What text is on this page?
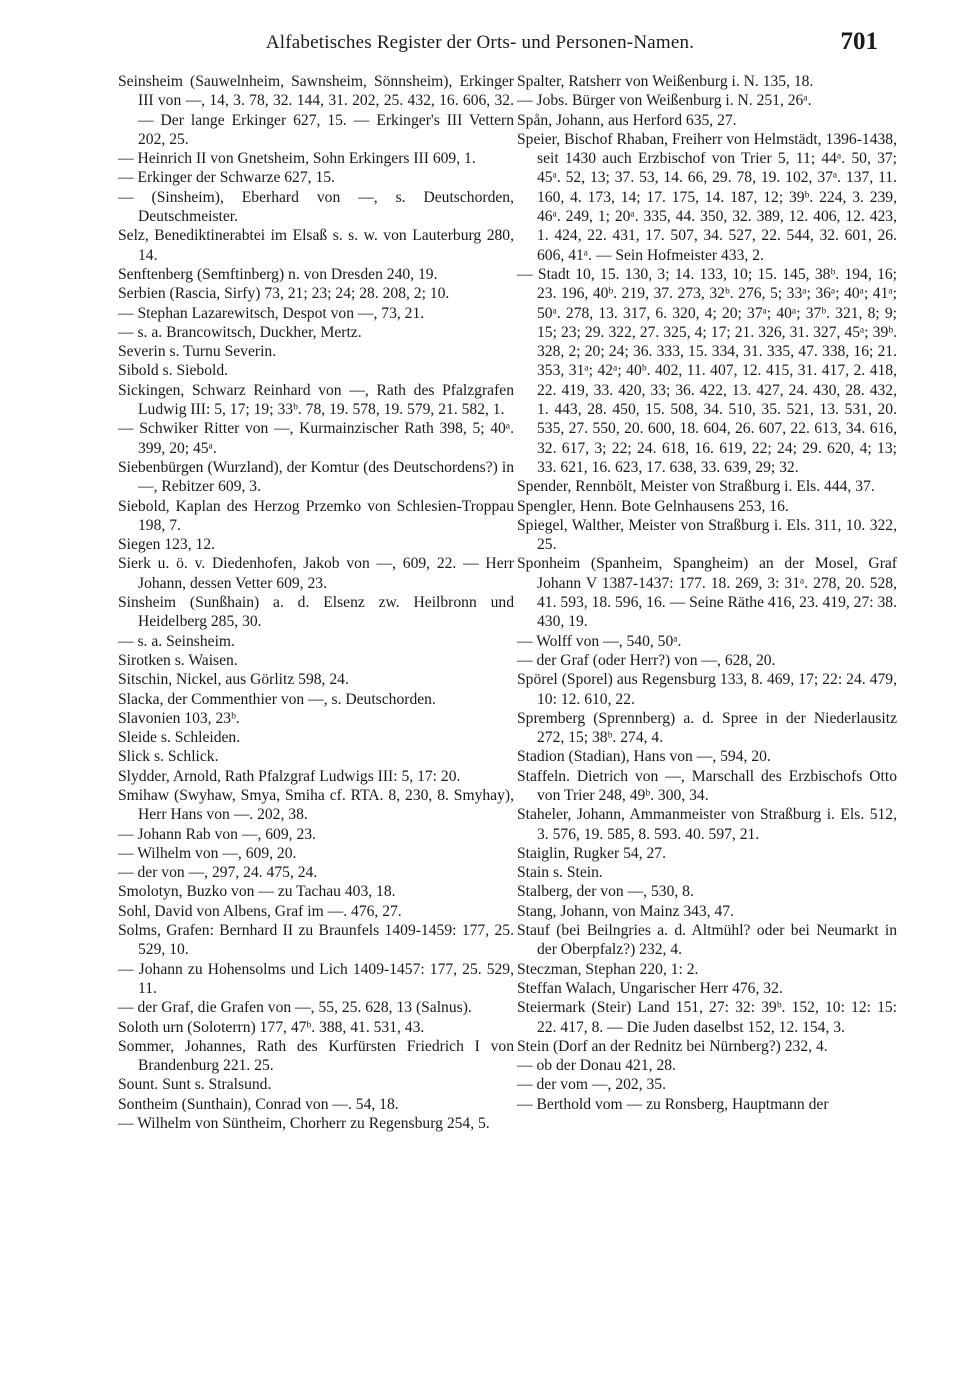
Alfabetisches Register der Orts- und Personen-Namen.	701

Seinsheim (Sauwelnheim, Sawnsheim, Sönnsheim), Erkinger III von —, 14, 3. 78, 32. 144, 31. 202, 25. 432, 16. 606, 32. — Der lange Erkinger 627, 15. — Erkinger's III Vettern 202, 25.

— Heinrich II von Gnetsheim, Sohn Erkingers III 609, 1.

— Erkinger der Schwarze 627, 15.

— (Sinsheim), Eberhard von —, s. Deutschorden, Deutschmeister.

Selz, Benediktinerabtei im Elsaß s. s. w. von Lauterburg 280, 14.

Senftenberg (Semftinberg) n. von Dresden 240, 19.

Serbien (Rascia, Sirfy) 73, 21; 23; 24; 28. 208, 2; 10.

— Stephan Lazarewitsch, Despot von —, 73, 21.

— s. a. Brancowitsch, Duckher, Mertz.

Severin s. Turnu Severin.

Sibold s. Siebold.

Sickingen, Schwarz Reinhard von —, Rath des Pfalzgrafen Ludwig III: 5, 17; 19; 33ᵇ. 78, 19. 578, 19. 579, 21. 582, 1.

— Schwiker Ritter von —, Kurmainzischer Rath 398, 5; 40ᵃ. 399, 20; 45ᵃ.

Siebenbürgen (Wurzland), der Komtur (des Deutschordens?) in —, Rebitzer 609, 3.

Siebold, Kaplan des Herzog Przemko von Schlesien-Troppau 198, 7.

Siegen 123, 12.

Sierk u. ö. v. Diedenhofen, Jakob von —, 609, 22. — Herr Johann, dessen Vetter 609, 23.

Sinsheim (Sunßhain) a. d. Elsenz zw. Heilbronn und Heidelberg 285, 30.

— s. a. Seinsheim.

Sirotken s. Waisen.

Sitschin, Nickel, aus Görlitz 598, 24.

Slacka, der Commenthier von —, s. Deutschorden.

Slavonien 103, 23ᵇ.

Sleide s. Schleiden.

Slick s. Schlick.

Slydder, Arnold, Rath Pfalzgraf Ludwigs III: 5, 17: 20.

Smihaw (Swyhaw, Smya, Smiha cf. RTA. 8, 230, 8. Smyhay), Herr Hans von —. 202, 38.

— Johann Rab von —, 609, 23.

— Wilhelm von —, 609, 20.

— der von —, 297, 24. 475, 24.

Smolotyn, Buzko von — zu Tachau 403, 18.

Sohl, David von Albens, Graf im —. 476, 27.

Solms, Grafen: Bernhard II zu Braunfels 1409-1459: 177, 25. 529, 10.

— Johann zu Hohensolms und Lich 1409-1457: 177, 25. 529, 11.

— der Graf, die Grafen von —, 55, 25. 628, 13 (Salnus).

Soloth urn (Soloterrn) 177, 47ᵇ. 388, 41. 531, 43.

Sommer, Johannes, Rath des Kurfürsten Friedrich I von Brandenburg 221. 25.

Sount. Sunt s. Stralsund.

Sontheim (Sunthain), Conrad von —. 54, 18.

— Wilhelm von Süntheim, Chorherr zu Regensburg 254, 5.

Spalter, Ratsherr von Weißenburg i. N. 135, 18.

— Jobs. Bürger von Weißenburg i. N. 251, 26ᵃ.

Spån, Johann, aus Herford 635, 27.

Speier, Bischof Rhaban, Freiherr von Helmstädt, 1396-1438, seit 1430 auch Erzbischof von Trier 5, 11; 44ᵃ. 50, 37; 45ᵃ. 52, 13; 37. 53, 14. 66, 29. 78, 19. 102, 37ᵃ. 137, 11. 160, 4. 173, 14; 17. 175, 14. 187, 12; 39ᵇ. 224, 3. 239, 46ᵃ. 249, 1; 20ᵃ. 335, 44. 350, 32. 389, 12. 406, 12. 423, 1. 424, 22. 431, 17. 507, 34. 527, 22. 544, 32. 601, 26. 606, 41ᵃ. — Sein Hofmeister 433, 2.

— Stadt 10, 15. 130, 3; 14. 133, 10; 15. 145, 38ᵇ. 194, 16; 23. 196, 40ᵇ. 219, 37. 273, 32ᵇ. 276, 5; 33ᵃ; 36ᵃ; 40ᵃ; 41ᵃ; 50ᵃ. 278, 13. 317, 6. 320, 4; 20; 37ᵃ; 40ᵃ; 37ᵇ. 321, 8; 9; 15; 23; 29. 322, 27. 325, 4; 17; 21. 326, 31. 327, 45ᵃ; 39ᵇ. 328, 2; 20; 24; 36. 333, 15. 334, 31. 335, 47. 338, 16; 21. 353, 31ᵃ; 42ᵃ; 40ᵇ. 402, 11. 407, 12. 415, 31. 417, 2. 418, 22. 419, 33. 420, 33; 36. 422, 13. 427, 24. 430, 28. 432, 1. 443, 28. 450, 15. 508, 34. 510, 35. 521, 13. 531, 20. 535, 27. 550, 20. 600, 18. 604, 26. 607, 22. 613, 34. 616, 32. 617, 3; 22; 24. 618, 16. 619, 22; 24; 29. 620, 4; 13; 33. 621, 16. 623, 17. 638, 33. 639, 29; 32.

Spender, Rennbölt, Meister von Straßburg i. Els. 444, 37.

Spengler, Henn. Bote Gelnhausens 253, 16.

Spiegel, Walther, Meister von Straßburg i. Els. 311, 10. 322, 25.

Sponheim (Spanheim, Spangheim) an der Mosel, Graf Johann V 1387-1437: 177. 18. 269, 3: 31ᵃ. 278, 20. 528, 41. 593, 18. 596, 16. — Seine Räthe 416, 23. 419, 27: 38. 430, 19.

— Wolff von —, 540, 50ᵃ.

— der Graf (oder Herr?) von —, 628, 20.

Spörel (Sporel) aus Regensburg 133, 8. 469, 17; 22: 24. 479, 10: 12. 610, 22.

Spremberg (Sprennberg) a. d. Spree in der Niederlausitz 272, 15; 38ᵇ. 274, 4.

Stadion (Stadian), Hans von —, 594, 20.

Staffeln. Dietrich von —, Marschall des Erzbischofs Otto von Trier 248, 49ᵇ. 300, 34.

Staheler, Johann, Ammanmeister von Straßburg i. Els. 512, 3. 576, 19. 585, 8. 593. 40. 597, 21.

Staiglin, Rugker 54, 27.

Stain s. Stein.

Stalberg, der von —, 530, 8.

Stang, Johann, von Mainz 343, 47.

Stauf (bei Beilngries a. d. Altmühl? oder bei Neumarkt in der Oberpfalz?) 232, 4.

Steczman, Stephan 220, 1: 2.

Steffan Walach, Ungarischer Herr 476, 32.

Steiermark (Steir) Land 151, 27: 32: 39ᵇ. 152, 10: 12: 15: 22. 417, 8. — Die Juden daselbst 152, 12. 154, 3.

Stein (Dorf an der Rednitz bei Nürnberg?) 232, 4.

— ob der Donau 421, 28.

— der vom —, 202, 35.

— Berthold vom — zu Ronsberg, Hauptmann der
